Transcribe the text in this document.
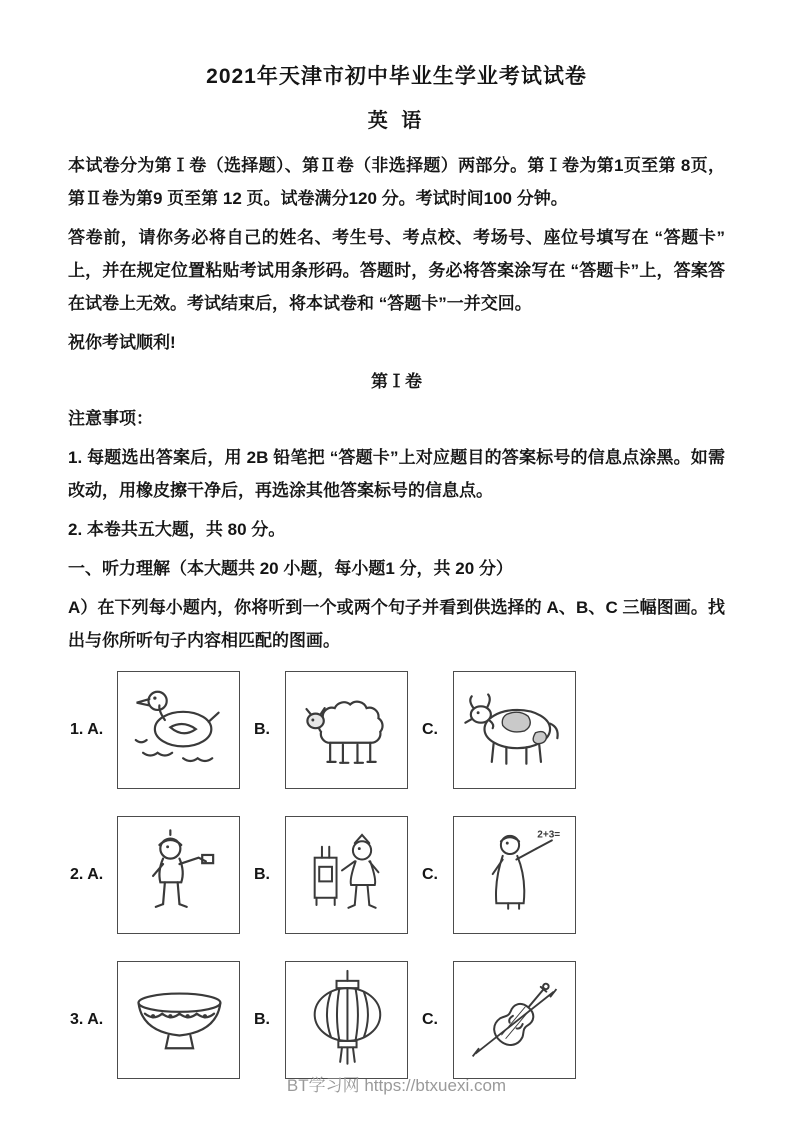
2021年天津市初中毕业生学业考试试卷
英 语

本试卷分为第Ⅰ卷（选择题）、第Ⅱ卷（非选择题）两部分。第Ⅰ卷为第1页至第 8页，第Ⅱ卷为第9 页至第 12 页。试卷满分120 分。考试时间100 分钟。

答卷前，请你务必将自己的姓名、考生号、考点校、考场号、座位号填写在 “答题卡”上，并在规定位置粘贴考试用条形码。答题时，务必将答案涂写在 “答题卡”上，答案答在试卷上无效。考试结束后，将本试卷和 “答题卡”一并交回。

祝你考试顺利!

第Ⅰ卷

注意事项：

1. 每题选出答案后，用 2B 铅笔把 “答题卡”上对应题目的答案标号的信息点涂黑。如需改动，用橡皮擦干净后，再选涂其他答案标号的信息点。

2. 本卷共五大题，共 80 分。

一、听力理解（本大题共 20 小题，每小题1 分，共 20 分）

A）在下列每小题内，你将听到一个或两个句子并看到供选择的 A、B、C 三幅图画。找出与你所听句子内容相匹配的图画。

1. A.	B.	C.
2. A.	B.	C.
2+3=
3. A.	B.	C.
BT学习网 https://btxuexi.com
